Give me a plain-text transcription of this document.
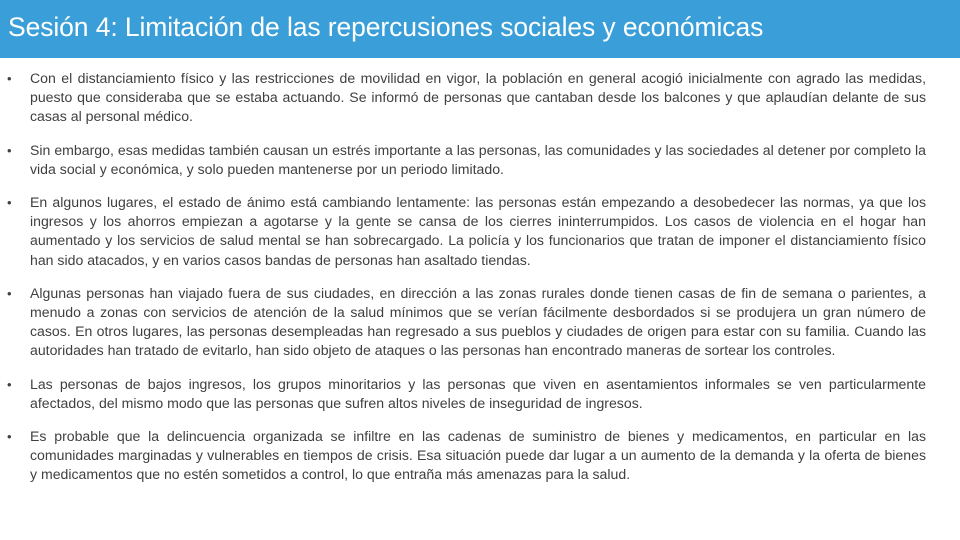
Sesión 4: Limitación de las repercusiones sociales y económicas
• Con el distanciamiento físico y las restricciones de movilidad en vigor, la población en general acogió inicialmente con agrado las medidas, puesto que consideraba que se estaba actuando. Se informó de personas que cantaban desde los balcones y que aplaudían delante de sus casas al personal médico.
• Sin embargo, esas medidas también causan un estrés importante a las personas, las comunidades y las sociedades al detener por completo la vida social y económica, y solo pueden mantenerse por un periodo limitado.
• En algunos lugares, el estado de ánimo está cambiando lentamente: las personas están empezando a desobedecer las normas, ya que los ingresos y los ahorros empiezan a agotarse y la gente se cansa de los cierres ininterrumpidos. Los casos de violencia en el hogar han aumentado y los servicios de salud mental se han sobrecargado. La policía y los funcionarios que tratan de imponer el distanciamiento físico han sido atacados, y en varios casos bandas de personas han asaltado tiendas.
• Algunas personas han viajado fuera de sus ciudades, en dirección a las zonas rurales donde tienen casas de fin de semana o parientes, a menudo a zonas con servicios de atención de la salud mínimos que se verían fácilmente desbordados si se produjera un gran número de casos. En otros lugares, las personas desempleadas han regresado a sus pueblos y ciudades de origen para estar con su familia. Cuando las autoridades han tratado de evitarlo, han sido objeto de ataques o las personas han encontrado maneras de sortear los controles.
• Las personas de bajos ingresos, los grupos minoritarios y las personas que viven en asentamientos informales se ven particularmente afectados, del mismo modo que las personas que sufren altos niveles de inseguridad de ingresos.
• Es probable que la delincuencia organizada se infiltre en las cadenas de suministro de bienes y medicamentos, en particular en las comunidades marginadas y vulnerables en tiempos de crisis. Esa situación puede dar lugar a un aumento de la demanda y la oferta de bienes y medicamentos que no estén sometidos a control, lo que entraña más amenazas para la salud.
